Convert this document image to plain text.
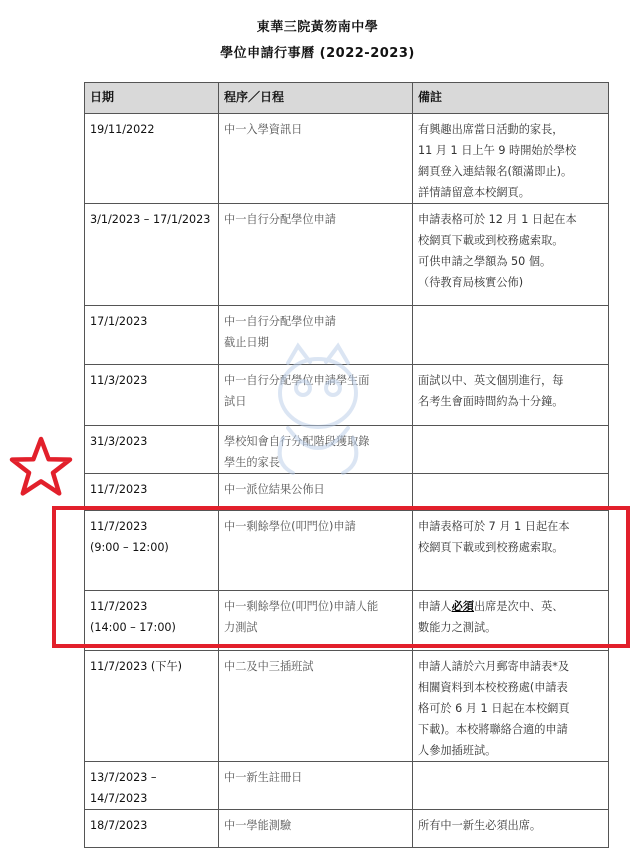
東華三院黃笏南中學
學位申請行事曆 (2022-2023)
日期	程序／日程	備註
19/11/2022	中一入學資訊日	有興趣出席當日活動的家長，
11 月 1 日上午 9 時開始於學校
網頁登入連結報名(額滿即止)。
詳情請留意本校網頁。
3/1/2023 – 17/1/2023	中一自行分配學位申請	申請表格可於 12 月 1 日起在本
校網頁下載或到校務處索取。
可供申請之學額為 50 個。
（待教育局核實公佈)
17/1/2023	中一自行分配學位申請
截止日期	
11/3/2023	中一自行分配學位申請學生面
試日	面試以中、英文個別進行，每
名考生會面時間約為十分鐘。
31/3/2023	學校知會自行分配階段獲取錄
學生的家長	
11/7/2023	中一派位結果公佈日	
11/7/2023
(9:00 – 12:00)	中一剩餘學位(叩門位)申請	申請表格可於 7 月 1 日起在本
校網頁下載或到校務處索取。
11/7/2023
(14:00 – 17:00)	中一剩餘學位(叩門位)申請人能
力測試	申請人必須出席是次中、英、
數能力之測試。
11/7/2023 (下午)	中二及中三插班試	申請人請於六月郵寄申請表*及
相關資料到本校校務處(申請表
格可於 6 月 1 日起在本校網頁
下載)。本校將聯絡合適的申請
人參加插班試。
13/7/2023 –
14/7/2023	中一新生註冊日	
18/7/2023	中一學能測驗	所有中一新生必須出席。
